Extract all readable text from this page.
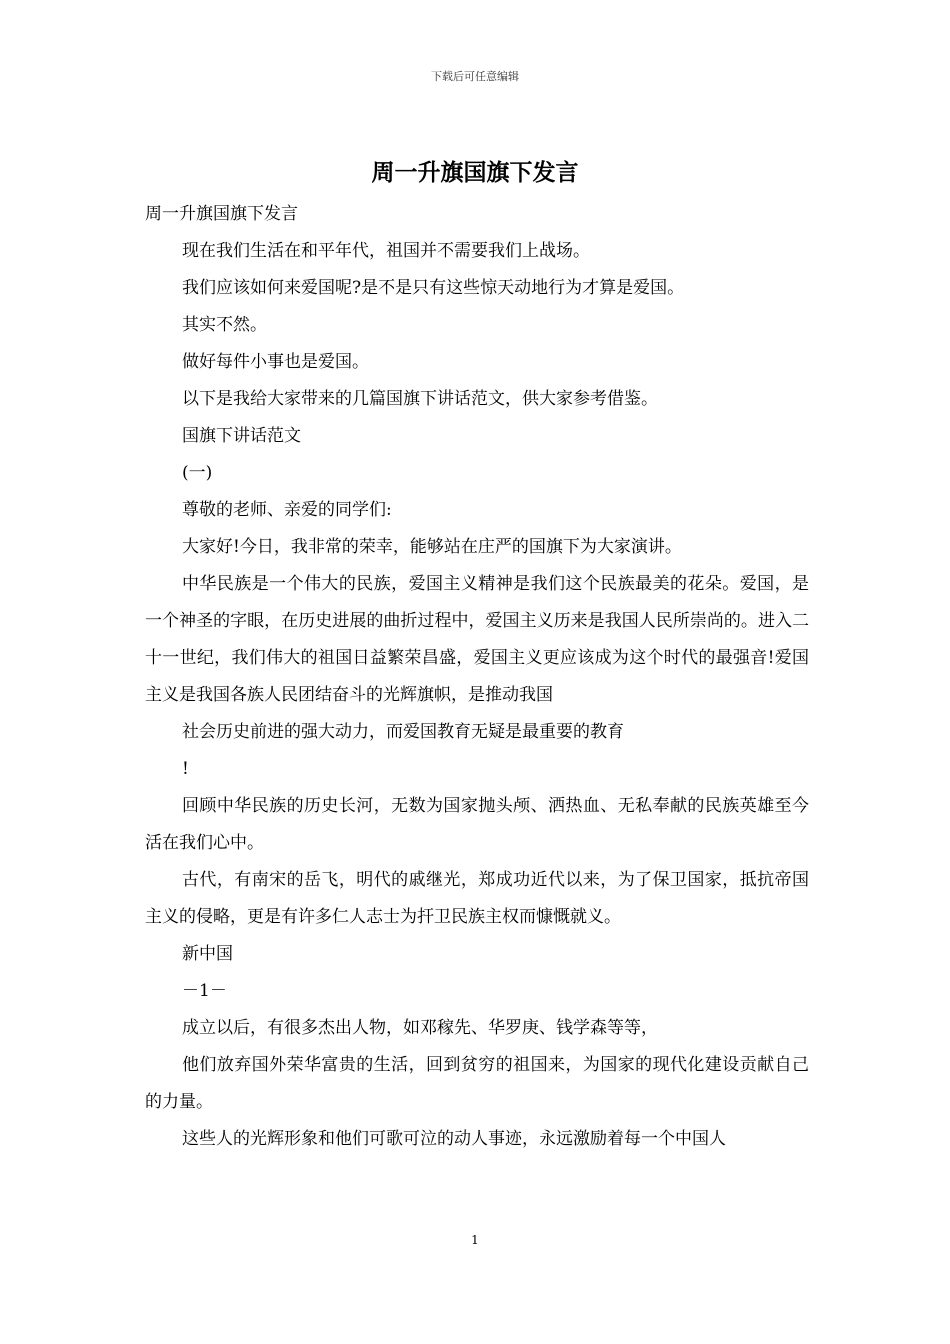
下载后可任意编辑
周一升旗国旗下发言

周一升旗国旗下发言

现在我们生活在和平年代，祖国并不需要我们上战场。

我们应该如何来爱国呢?是不是只有这些惊天动地行为才算是爱国。

其实不然。

做好每件小事也是爱国。

以下是我给大家带来的几篇国旗下讲话范文，供大家参考借鉴。

国旗下讲话范文

(一)

尊敬的老师、亲爱的同学们:

大家好!今日，我非常的荣幸，能够站在庄严的国旗下为大家演讲。

中华民族是一个伟大的民族，爱国主义精神是我们这个民族最美的花朵。爱国，是一个神圣的字眼，在历史进展的曲折过程中，爱国主义历来是我国人民所崇尚的。进入二十一世纪，我们伟大的祖国日益繁荣昌盛，爱国主义更应该成为这个时代的最强音!爱国主义是我国各族人民团结奋斗的光辉旗帜，是推动我国

社会历史前进的强大动力，而爱国教育无疑是最重要的教育

!

回顾中华民族的历史长河，无数为国家抛头颅、洒热血、无私奉献的民族英雄至今活在我们心中。

古代，有南宋的岳飞，明代的戚继光，郑成功近代以来，为了保卫国家，抵抗帝国主义的侵略，更是有许多仁人志士为扞卫民族主权而慷慨就义。

新中国

－1－

成立以后，有很多杰出人物，如邓稼先、华罗庚、钱学森等等，

他们放弃国外荣华富贵的生活，回到贫穷的祖国来，为国家的现代化建设贡献自己的力量。

这些人的光辉形象和他们可歌可泣的动人事迹，永远激励着每一个中国人

1
